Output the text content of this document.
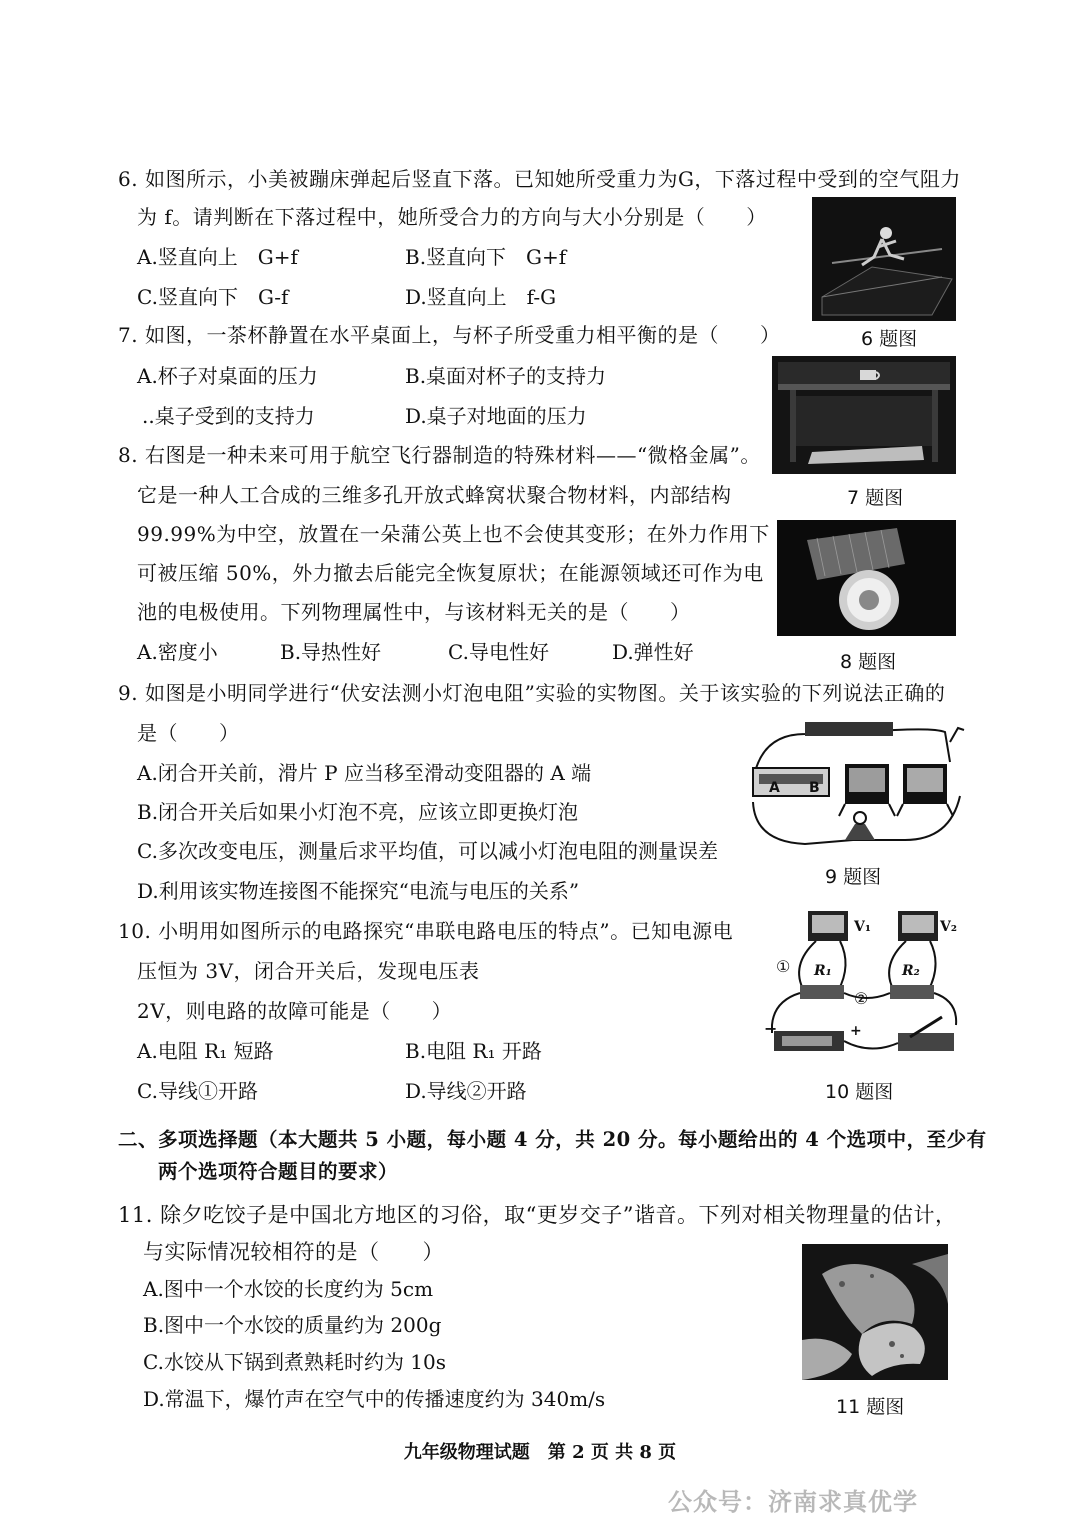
6. 如图所示，小美被蹦床弹起后竖直下落。已知她所受重力为G，下落过程中受到的空气阻力
为 f。请判断在下落过程中，她所受合力的方向与大小分别是（　　）
A.竖直向上　G+f	B.竖直向下　G+f
C.竖直向下　G-f	D.竖直向上　f-G
6 题图
7. 如图，一茶杯静置在水平桌面上，与杯子所受重力相平衡的是（　　）
A.杯子对桌面的压力	B.桌面对杯子的支持力
..桌子受到的支持力	D.桌子对地面的压力
7 题图
8. 右图是一种未来可用于航空飞行器制造的特殊材料——“微格金属”。
它是一种人工合成的三维多孔开放式蜂窝状聚合物材料，内部结构
99.99%为中空，放置在一朵蒲公英上也不会使其变形；在外力作用下
可被压缩 50%，外力撤去后能完全恢复原状；在能源领域还可作为电
池的电极使用。下列物理属性中，与该材料无关的是（　　）
A.密度小	B.导热性好	C.导电性好	D.弹性好	8 题图
9. 如图是小明同学进行“伏安法测小灯泡电阻”实验的实物图。关于该实验的下列说法正确的
是（　　）
A.闭合开关前，滑片 P 应当移至滑动变阻器的 A 端
B.闭合开关后如果小灯泡不亮，应该立即更换灯泡
C.多次改变电压，测量后求平均值，可以减小灯泡电阻的测量误差
D.利用该实物连接图不能探究“电流与电压的关系”
A B
9 题图
10. 小明用如图所示的电路探究“串联电路电压的特点”。已知电源电
压恒为 3V，闭合开关后，发现电压表
2V，则电路的故障可能是（　　）
A.电阻 R₁ 短路	B.电阻 R₁ 开路
C.导线①开路	D.导线②开路
V₁	V₂
R₁	R₂
①
②
−	+
10 题图
二、多项选择题（本大题共 5 小题，每小题 4 分，共 20 分。每小题给出的 4 个选项中，至少有
两个选项符合题目的要求）
11. 除夕吃饺子是中国北方地区的习俗，取“更岁交子”谐音。下列对相关物理量的估计，
与实际情况较相符的是（　　）
A.图中一个水饺的长度约为 5cm
B.图中一个水饺的质量约为 200g
C.水饺从下锅到煮熟耗时约为 10s
D.常温下，爆竹声在空气中的传播速度约为 340m/s	11 题图
九年级物理试题　第 2 页 共 8 页
公众号：济南求真优学
